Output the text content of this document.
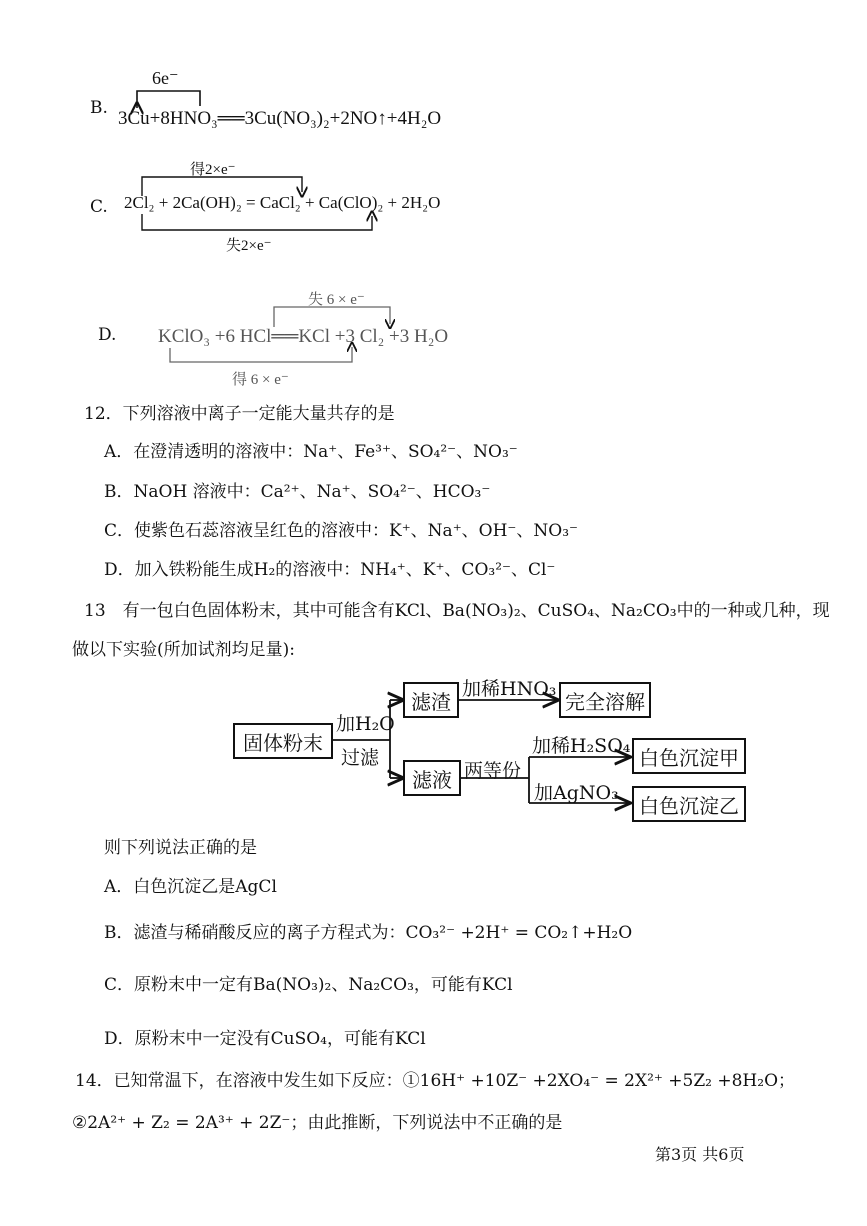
B.
6e⁻
3Cu+8HNO₃══3Cu(NO₃)₂+2NO↑+4H₂O
得2×e⁻
C. 2Cl₂ + 2Ca(OH)₂ = CaCl₂ + Ca(ClO)₂ + 2H₂O
失2×e⁻
失 6 × e⁻
D. KClO₃ +6 HCl══KCl +3 Cl₂ +3 H₂O
得 6 × e⁻
12．下列溶液中离子一定能大量共存的是
A．在澄清透明的溶液中：Na⁺、Fe³⁺、SO₄²⁻、NO₃⁻
B．NaOH 溶液中：Ca²⁺、Na⁺、SO₄²⁻、HCO₃⁻
C．使紫色石蕊溶液呈红色的溶液中：K⁺、Na⁺、OH⁻、NO₃⁻
D．加入铁粉能生成H₂的溶液中：NH₄⁺、K⁺、CO₃²⁻、Cl⁻
13　有一包白色固体粉末，其中可能含有KCl、Ba(NO₃)₂、CuSO₄、Na₂CO₃中的一种或几种，现
做以下实验(所加试剂均足量):
固体粉末
加H₂O
过滤
滤渣
加稀HNO₃
完全溶解
滤液 两等份
加稀H₂SO₄ 白色沉淀甲
加AgNO₃
白色沉淀乙
则下列说法正确的是
A．白色沉淀乙是AgCl
B．滤渣与稀硝酸反应的离子方程式为：CO₃²⁻ +2H⁺ = CO₂↑+H₂O
C．原粉末中一定有Ba(NO₃)₂、Na₂CO₃，可能有KCl
D．原粉末中一定没有CuSO₄，可能有KCl
14．已知常温下，在溶液中发生如下反应：①16H⁺ +10Z⁻ +2XO₄⁻ = 2X²⁺ +5Z₂ +8H₂O；
②2A²⁺ + Z₂ = 2A³⁺ + 2Z⁻；由此推断，下列说法中不正确的是
第3页 共6页
